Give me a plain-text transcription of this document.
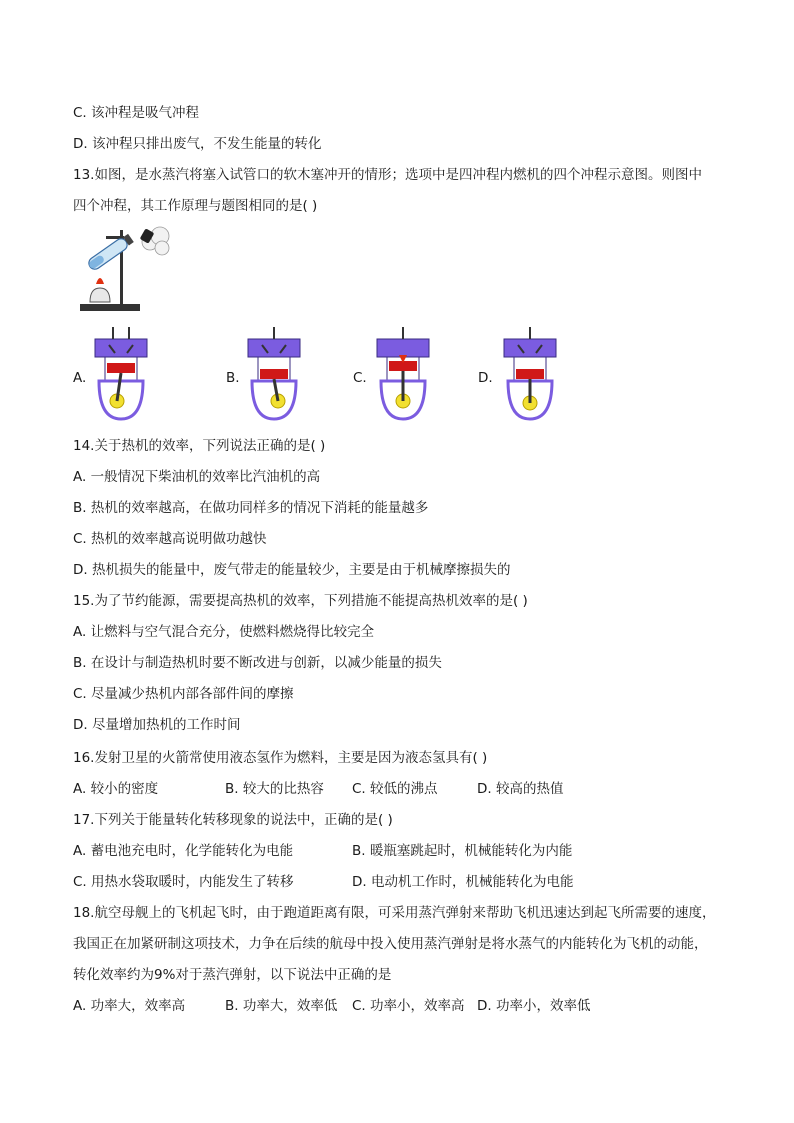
C. 该冲程是吸气冲程
D. 该冲程只排出废气，不发生能量的转化
13.如图，是水蒸汽将塞入试管口的软木塞冲开的情形；选项中是四冲程内燃机的四个冲程示意图。则图中
四个冲程，其工作原理与题图相同的是( )
A.	B.	C.	D.
14.关于热机的效率，下列说法正确的是( )
A. 一般情况下柴油机的效率比汽油机的高
B. 热机的效率越高，在做功同样多的情况下消耗的能量越多
C. 热机的效率越高说明做功越快
D. 热机损失的能量中，废气带走的能量较少，主要是由于机械摩擦损失的
15.为了节约能源，需要提高热机的效率，下列措施不能提高热机效率的是( )
A. 让燃料与空气混合充分，使燃料燃烧得比较完全
B. 在设计与制造热机时要不断改进与创新，以减少能量的损失
C. 尽量减少热机内部各部件间的摩擦
D. 尽量增加热机的工作时间
16.发射卫星的火箭常使用液态氢作为燃料，主要是因为液态氢具有( )
A. 较小的密度	B. 较大的比热容 C. 较低的沸点	D. 较高的热值
17.下列关于能量转化转移现象的说法中，正确的是( )
A. 蓄电池充电时，化学能转化为电能	B. 暖瓶塞跳起时，机械能转化为内能
C. 用热水袋取暖时，内能发生了转移	D. 电动机工作时，机械能转化为电能
18.航空母舰上的飞机起飞时，由于跑道距离有限，可采用蒸汽弹射来帮助飞机迅速达到起飞所需要的速度，
我国正在加紧研制这项技术，力争在后续的航母中投入使用蒸汽弹射是将水蒸气的内能转化为飞机的动能，
转化效率约为9%对于蒸汽弹射，以下说法中正确的是
A. 功率大，效率高	B. 功率大，效率低 C. 功率小，效率高 D. 功率小，效率低
